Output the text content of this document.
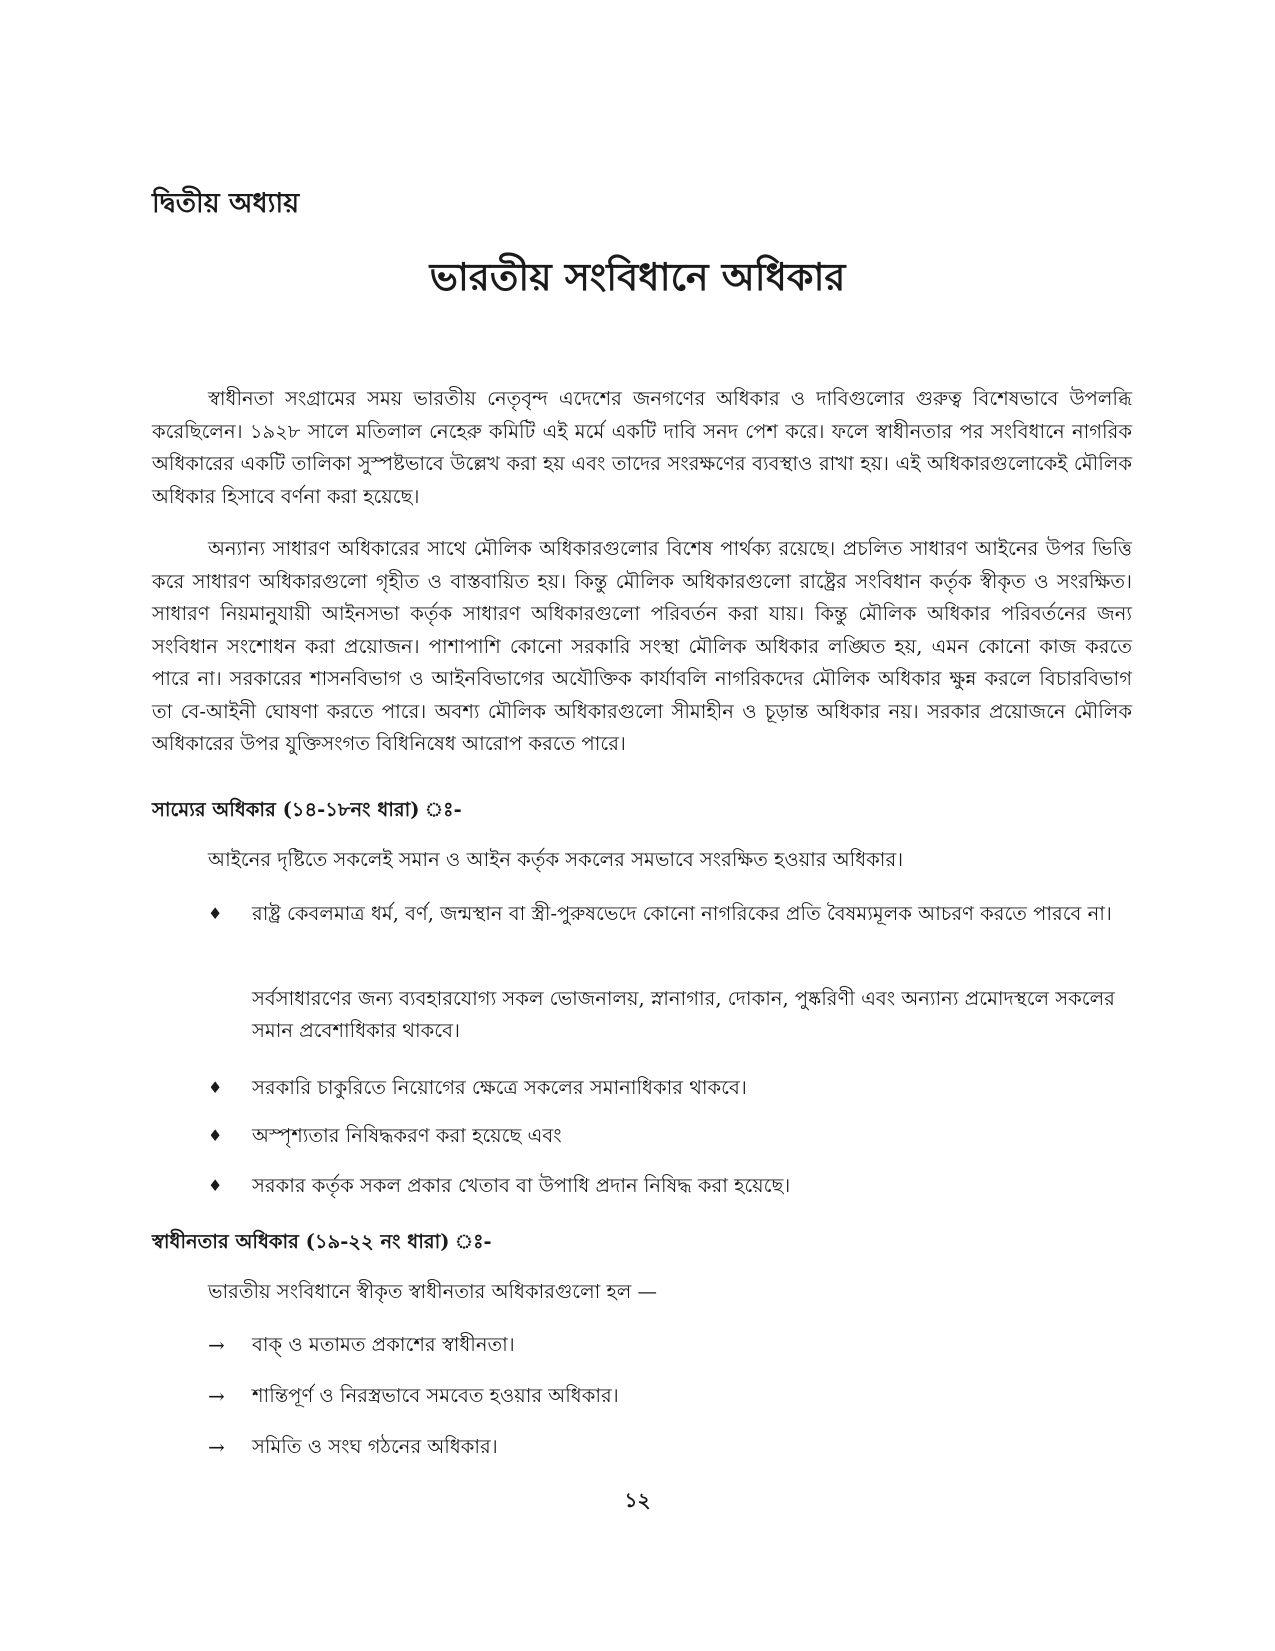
দ্বিতীয় অধ্যায়
ভারতীয় সংবিধানে অধিকার

স্বাধীনতা সংগ্রামের সময় ভারতীয় নেতৃবৃন্দ এদেশের জনগণের অধিকার ও দাবিগুলোর গুরুত্ব বিশেষভাবে উপলব্ধি করেছিলেন। ১৯২৮ সালে মতিলাল নেহেরু কমিটি এই মর্মে একটি দাবি সনদ পেশ করে। ফলে স্বাধীনতার পর সংবিধানে নাগরিক অধিকারের একটি তালিকা সুস্পষ্টভাবে উল্লেখ করা হয় এবং তাদের সংরক্ষণের ব্যবস্থাও রাখা হয়। এই অধিকারগুলোকেই মৌলিক অধিকার হিসাবে বর্ণনা করা হয়েছে।

অন্যান্য সাধারণ অধিকারের সাথে মৌলিক অধিকারগুলোর বিশেষ পার্থক্য রয়েছে। প্রচলিত সাধারণ আইনের উপর ভিত্তি করে সাধারণ অধিকারগুলো গৃহীত ও বাস্তবায়িত হয়। কিন্তু মৌলিক অধিকারগুলো রাষ্ট্রের সংবিধান কর্তৃক স্বীকৃত ও সংরক্ষিত। সাধারণ নিয়মানুযায়ী আইনসভা কর্তৃক সাধারণ অধিকারগুলো পরিবর্তন করা যায়। কিন্তু মৌলিক অধিকার পরিবর্তনের জন্য সংবিধান সংশোধন করা প্রয়োজন। পাশাপাশি কোনো সরকারি সংস্থা মৌলিক অধিকার লঙ্ঘিত হয়, এমন কোনো কাজ করতে পারে না। সরকারের শাসনবিভাগ ও আইনবিভাগের অযৌক্তিক কার্যাবলি নাগরিকদের মৌলিক অধিকার ক্ষুন্ন করলে বিচারবিভাগ তা বে-আইনী ঘোষণা করতে পারে। অবশ্য মৌলিক অধিকারগুলো সীমাহীন ও চূড়ান্ত অধিকার নয়। সরকার প্রয়োজনে মৌলিক অধিকারের উপর যুক্তিসংগত বিধিনিষেধ আরোপ করতে পারে।

সাম্যের অধিকার (১৪-১৮নং ধারা) ঃ-
আইনের দৃষ্টিতে সকলেই সমান ও আইন কর্তৃক সকলের সমভাবে সংরক্ষিত হওয়ার অধিকার।
♦	রাষ্ট্র কেবলমাত্র ধর্ম, বর্ণ, জন্মস্থান বা স্ত্রী-পুরুষভেদে কোনো নাগরিকের প্রতি বৈষম্যমূলক আচরণ করতে পারবে না।
সর্বসাধারণের জন্য ব্যবহারযোগ্য সকল ভোজনালয়, স্নানাগার, দোকান, পুষ্করিণী এবং অন্যান্য প্রমোদস্থলে সকলের সমান প্রবেশাধিকার থাকবে।
♦	সরকারি চাকুরিতে নিয়োগের ক্ষেত্রে সকলের সমানাধিকার থাকবে।
♦	অস্পৃশ্যতার নিষিদ্ধকরণ করা হয়েছে এবং
♦	সরকার কর্তৃক সকল প্রকার খেতাব বা উপাধি প্রদান নিষিদ্ধ করা হয়েছে।
স্বাধীনতার অধিকার (১৯-২২ নং ধারা) ঃ-
ভারতীয় সংবিধানে স্বীকৃত স্বাধীনতার অধিকারগুলো হল —
→	বাক্ ও মতামত প্রকাশের স্বাধীনতা।
→	শান্তিপূর্ণ ও নিরস্ত্রভাবে সমবেত হওয়ার অধিকার।
→	সমিতি ও সংঘ গঠনের অধিকার।
১২
